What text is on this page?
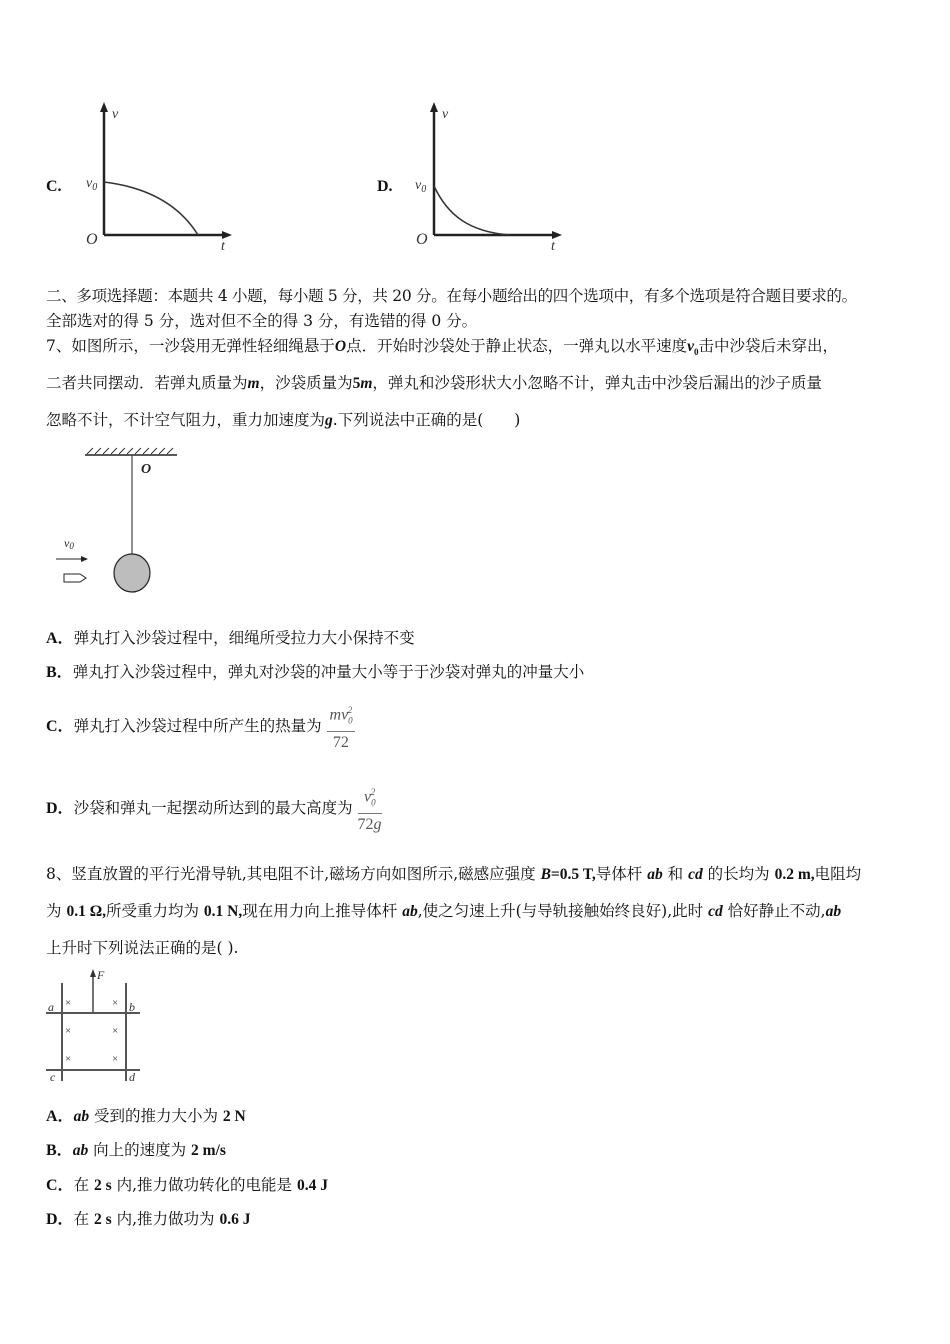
C.
v
t
O
$v_0$	D.
v
t
O
$v_0$
二、多项选择题：本题共 4 小题，每小题 5 分，共 20 分。在每小题给出的四个选项中，有多个选项是符合题目要求的。
全部选对的得 5 分，选对但不全的得 3 分，有选错的得 0 分。
7、如图所示，一沙袋用无弹性轻细绳悬于O点．开始时沙袋处于静止状态，一弹丸以水平速度$v_0$击中沙袋后未穿出，
二者共同摆动．若弹丸质量为m，沙袋质量为5m，弹丸和沙袋形状大小忽略不计，弹丸击中沙袋后漏出的沙子质量
忽略不计，不计空气阻力，重力加速度为g.下列说法中正确的是(　　)
O
v0
A．弹丸打入沙袋过程中，细绳所受拉力大小保持不变
B．弹丸打入沙袋过程中，弹丸对沙袋的冲量大小等于于沙袋对弹丸的冲量大小
C．弹丸打入沙袋过程中所产生的热量为 $\frac{mv_0^2}{72}$
D．沙袋和弹丸一起摆动所达到的最大高度为 $\frac{v_0^2}{72g}$
8、竖直放置的平行光滑导轨,其电阻不计,磁场方向如图所示,磁感应强度 B=0.5 T,导体杆 ab 和 cd 的长均为 0.2 m,电阻均
为 0.1 Ω,所受重力均为 0.1 N,现在用力向上推导体杆 ab,使之匀速上升(与导轨接触始终良好),此时 cd 恰好静止不动,ab
上升时下列说法正确的是( ).
F
a	b
c	d
×	×
×	×
×	×
A．ab 受到的推力大小为 2 N
B．ab 向上的速度为 2 m/s
C．在 2 s 内,推力做功转化的电能是 0.4 J
D．在 2 s 内,推力做功为 0.6 J
